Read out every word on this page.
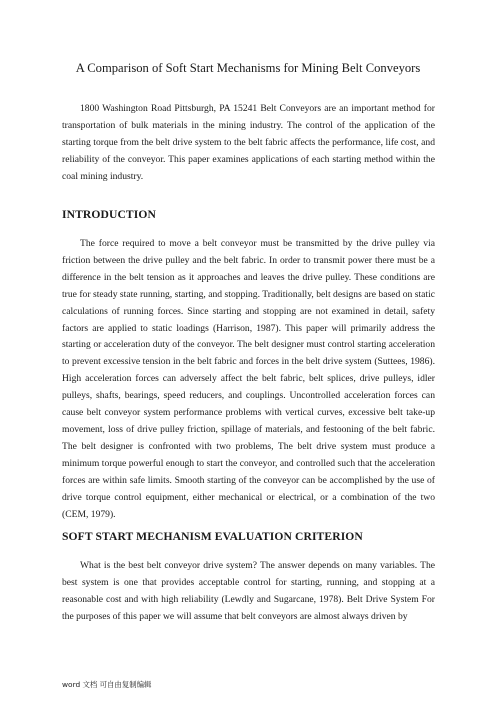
A Comparison of Soft Start Mechanisms for Mining Belt Conveyors

1800 Washington Road Pittsburgh, PA 15241 Belt Conveyors are an important method for transportation of bulk materials in the mining industry. The control of the application of the starting torque from the belt drive system to the belt fabric affects the performance, life cost, and reliability of the conveyor. This paper examines applications of each starting method within the coal mining industry.

INTRODUCTION

The force required to move a belt conveyor must be transmitted by the drive pulley via friction between the drive pulley and the belt fabric. In order to transmit power there must be a difference in the belt tension as it approaches and leaves the drive pulley. These conditions are true for steady state running, starting, and stopping. Traditionally, belt designs are based on static calculations of running forces. Since starting and stopping are not examined in detail, safety factors are applied to static loadings (Harrison, 1987). This paper will primarily address the starting or acceleration duty of the conveyor. The belt designer must control starting acceleration to prevent excessive tension in the belt fabric and forces in the belt drive system (Suttees, 1986). High acceleration forces can adversely affect the belt fabric, belt splices, drive pulleys, idler pulleys, shafts, bearings, speed reducers, and couplings. Uncontrolled acceleration forces can cause belt conveyor system performance problems with vertical curves, excessive belt take-up movement, loss of drive pulley friction, spillage of materials, and festooning of the belt fabric. The belt designer is confronted with two problems, The belt drive system must produce a minimum torque powerful enough to start the conveyor, and controlled such that the acceleration forces are within safe limits. Smooth starting of the conveyor can be accomplished by the use of drive torque control equipment, either mechanical or electrical, or a combination of the two (CEM, 1979).

SOFT START MECHANISM EVALUATION CRITERION

What is the best belt conveyor drive system? The answer depends on many variables. The best system is one that provides acceptable control for starting, running, and stopping at a reasonable cost and with high reliability (Lewdly and Sugarcane, 1978). Belt Drive System For the purposes of this paper we will assume that belt conveyors are almost always driven by

word 文档 可自由复制编辑
